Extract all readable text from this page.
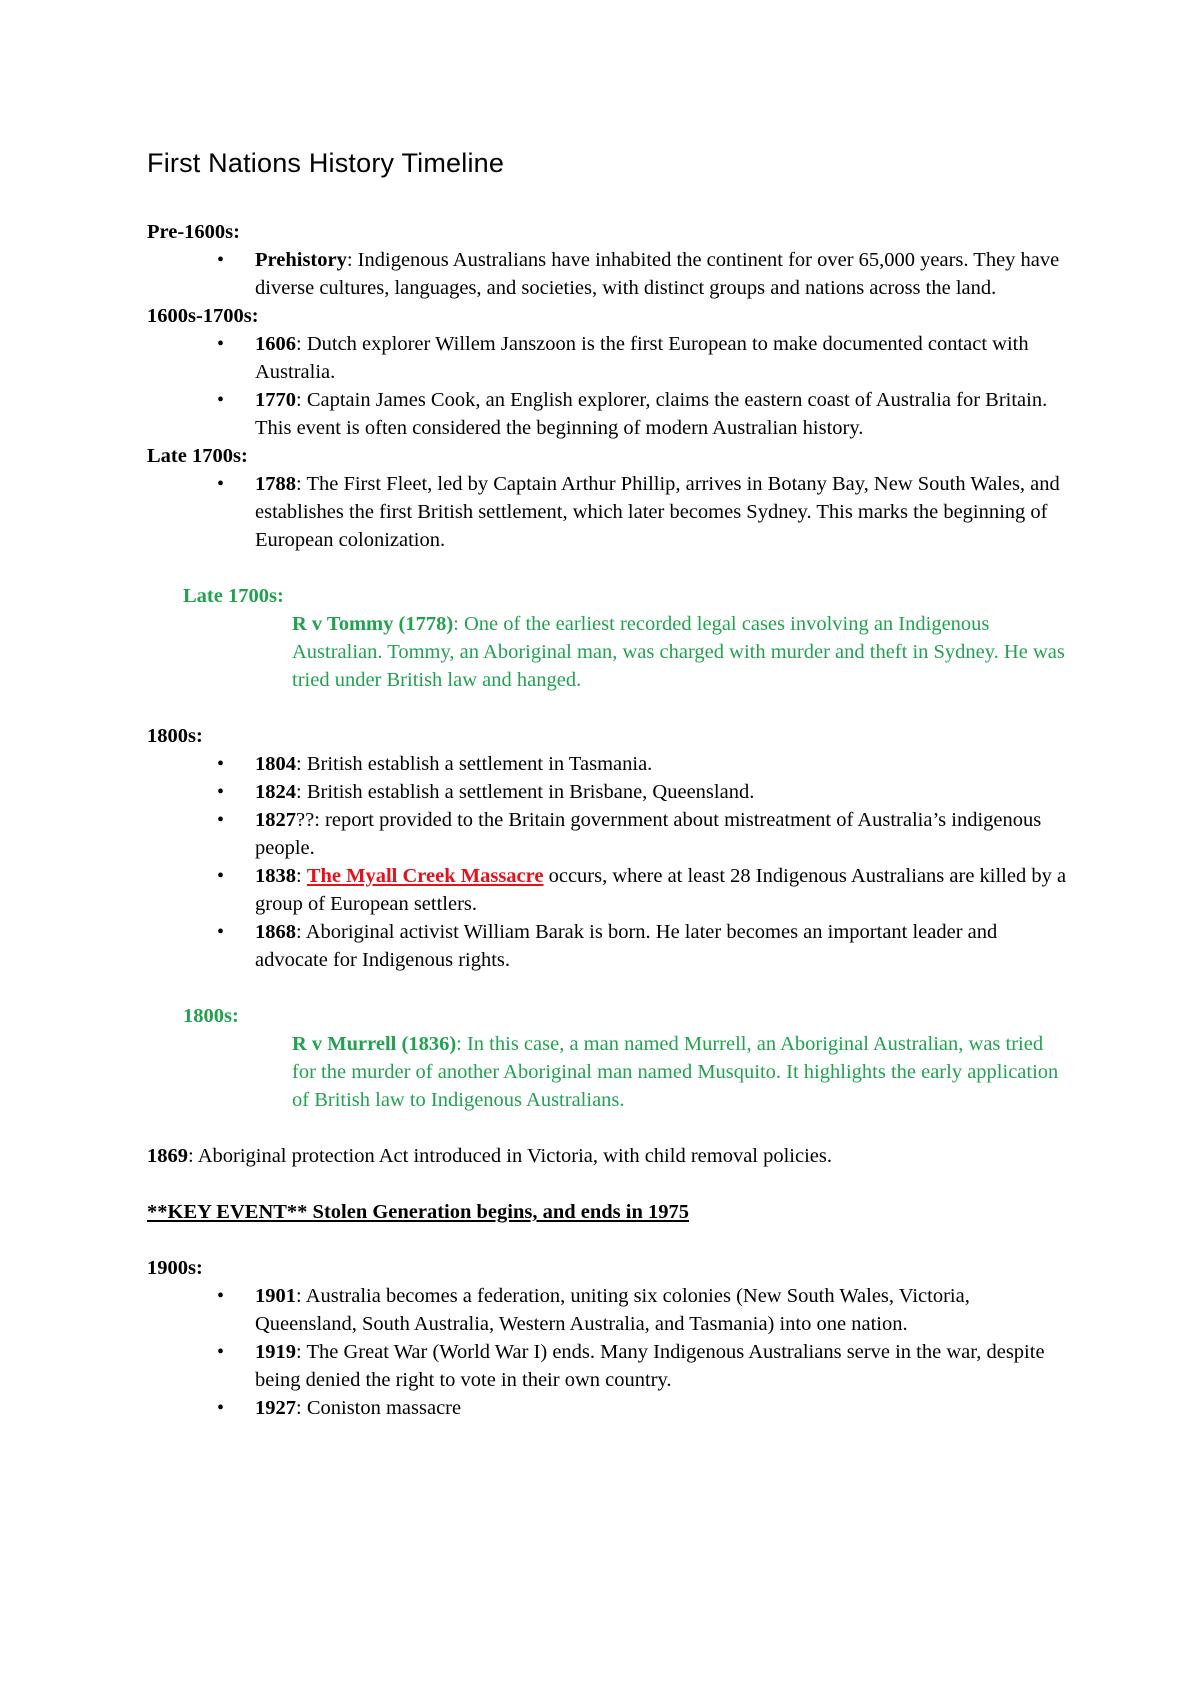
First Nations History Timeline

Pre-1600s:

• Prehistory: Indigenous Australians have inhabited the continent for over 65,000 years. They have diverse cultures, languages, and societies, with distinct groups and nations across the land.

1600s-1700s:

• 1606: Dutch explorer Willem Janszoon is the first European to make documented contact with Australia.
• 1770: Captain James Cook, an English explorer, claims the eastern coast of Australia for Britain. This event is often considered the beginning of modern Australian history.

Late 1700s:

• 1788: The First Fleet, led by Captain Arthur Phillip, arrives in Botany Bay, New South Wales, and establishes the first British settlement, which later becomes Sydney. This marks the beginning of European colonization.

Late 1700s:

R v Tommy (1778): One of the earliest recorded legal cases involving an Indigenous Australian. Tommy, an Aboriginal man, was charged with murder and theft in Sydney. He was tried under British law and hanged.

1800s:

• 1804: British establish a settlement in Tasmania.
• 1824: British establish a settlement in Brisbane, Queensland.
• 1827??: report provided to the Britain government about mistreatment of Australia’s indigenous people.
• 1838: The Myall Creek Massacre occurs, where at least 28 Indigenous Australians are killed by a group of European settlers.
• 1868: Aboriginal activist William Barak is born. He later becomes an important leader and advocate for Indigenous rights.

1800s:

R v Murrell (1836): In this case, a man named Murrell, an Aboriginal Australian, was tried for the murder of another Aboriginal man named Musquito. It highlights the early application of British law to Indigenous Australians.

1869: Aboriginal protection Act introduced in Victoria, with child removal policies.

**KEY EVENT** Stolen Generation begins, and ends in 1975

1900s:

• 1901: Australia becomes a federation, uniting six colonies (New South Wales, Victoria, Queensland, South Australia, Western Australia, and Tasmania) into one nation.
• 1919: The Great War (World War I) ends. Many Indigenous Australians serve in the war, despite being denied the right to vote in their own country.
• 1927: Coniston massacre
